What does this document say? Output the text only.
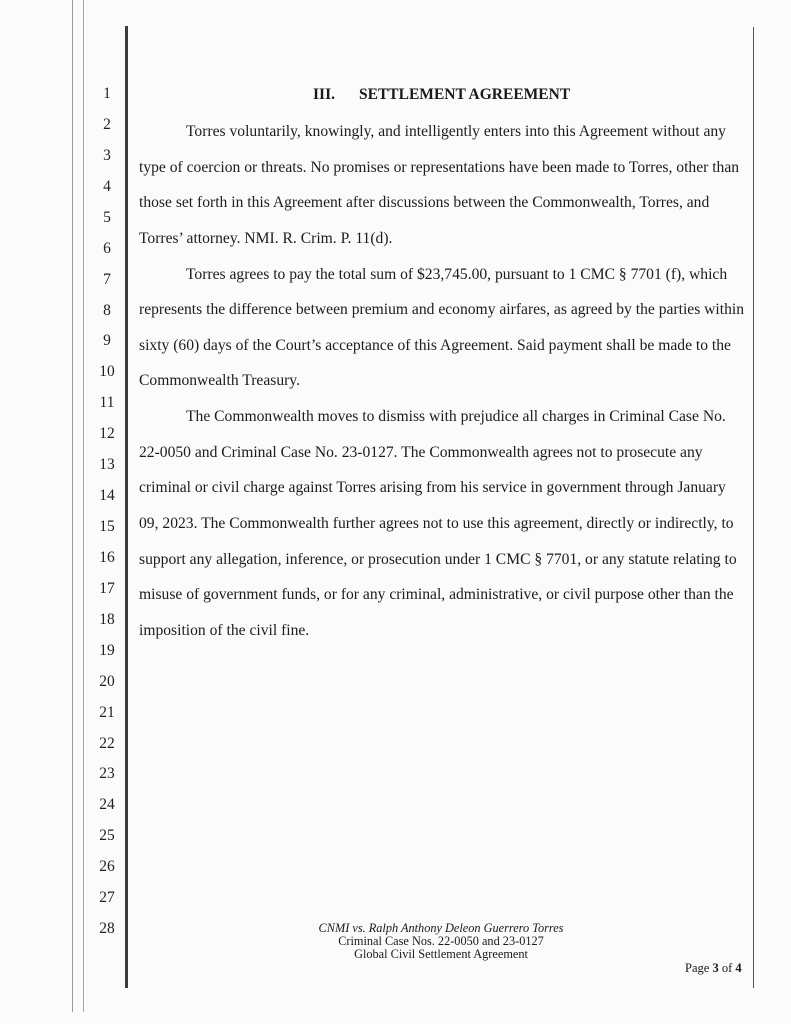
1
2
3
4
5
6
7
8
9
10
11
12
13
14
15
16
17
18
19
20
21
22
23
24
25
26
27
28
III. SETTLEMENT AGREEMENT
Torres voluntarily, knowingly, and intelligently enters into this Agreement without any
type of coercion or threats. No promises or representations have been made to Torres, other than
those set forth in this Agreement after discussions between the Commonwealth, Torres, and
Torres’ attorney. NMI. R. Crim. P. 11(d).
Torres agrees to pay the total sum of $23,745.00, pursuant to 1 CMC § 7701 (f), which
represents the difference between premium and economy airfares, as agreed by the parties within
sixty (60) days of the Court’s acceptance of this Agreement. Said payment shall be made to the
Commonwealth Treasury.
The Commonwealth moves to dismiss with prejudice all charges in Criminal Case No.
22-0050 and Criminal Case No. 23-0127. The Commonwealth agrees not to prosecute any
criminal or civil charge against Torres arising from his service in government through January
09, 2023. The Commonwealth further agrees not to use this agreement, directly or indirectly, to
support any allegation, inference, or prosecution under 1 CMC § 7701, or any statute relating to
misuse of government funds, or for any criminal, administrative, or civil purpose other than the
imposition of the civil fine.
CNMI vs. Ralph Anthony Deleon Guerrero Torres
Criminal Case Nos. 22-0050 and 23-0127
Global Civil Settlement Agreement
Page 3 of 4
